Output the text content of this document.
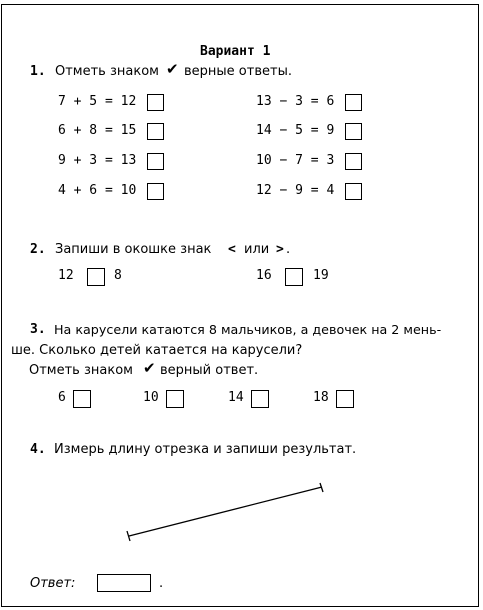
Вариант 1
1. Отметь знаком ✔ верные ответы.
7 + 5 = 12
6 + 8 = 15
9 + 3 = 13
4 + 6 = 10
13 − 3 = 6
14 − 5 = 9
10 − 7 = 3
12 − 9 = 4
2. Запиши в окошке знак < или > .
12	8	16	19
3. На карусели катаются 8 мальчиков, а девочек на 2 мень-
ше. Сколько детей катается на карусели?
Отметь знаком ✔ верный ответ.
6	10	14	18
4. Измерь длину отрезка и запиши результат.
Ответ:	.
